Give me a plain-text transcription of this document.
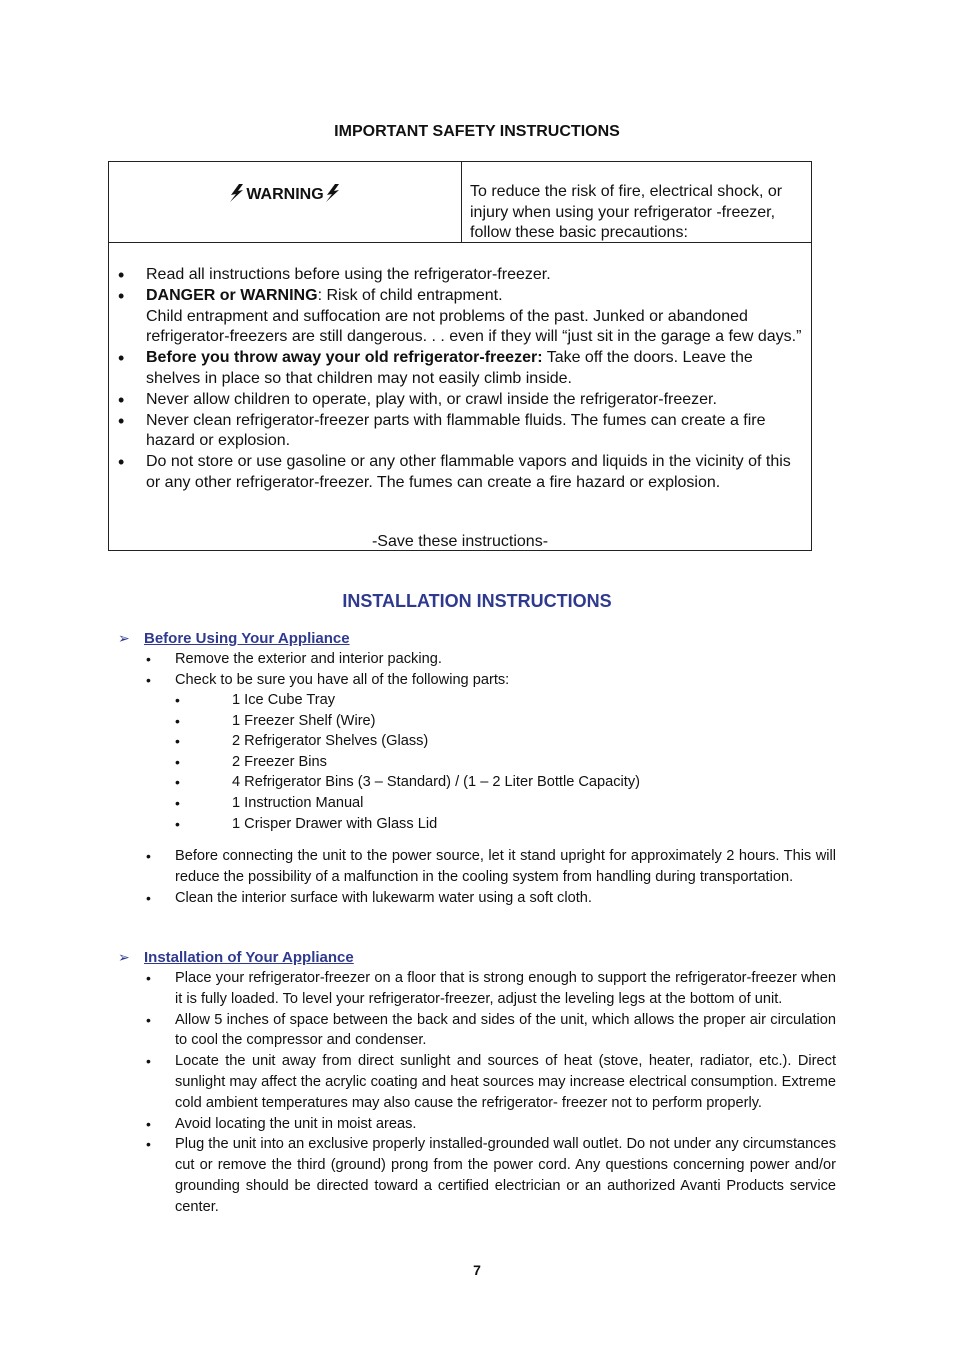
IMPORTANT SAFETY INSTRUCTIONS
WARNING	To reduce the risk of fire, electrical shock, or injury when using your refrigerator -freezer, follow these basic precautions:
• Read all instructions before using the refrigerator-freezer.
• DANGER or WARNING: Risk of child entrapment.
Child entrapment and suffocation are not problems of the past. Junked or abandoned refrigerator-freezers are still dangerous. . . even if they will “just sit in the garage a few days.”
• Before you throw away your old refrigerator-freezer: Take off the doors. Leave the shelves in place so that children may not easily climb inside.
• Never allow children to operate, play with, or crawl inside the refrigerator-freezer.
• Never clean refrigerator-freezer parts with flammable fluids. The fumes can create a fire hazard or explosion.
• Do not store or use gasoline or any other flammable vapors and liquids in the vicinity of this or any other refrigerator-freezer. The fumes can create a fire hazard or explosion.
-Save these instructions-
INSTALLATION INSTRUCTIONS
➢ Before Using Your Appliance
• Remove the exterior and interior packing.
• Check to be sure you have all of the following parts:
• 1 Ice Cube Tray
• 1 Freezer Shelf (Wire)
• 2 Refrigerator Shelves (Glass)
• 2 Freezer Bins
• 4 Refrigerator Bins (3 – Standard) / (1 – 2 Liter Bottle Capacity)
• 1 Instruction Manual
• 1 Crisper Drawer with Glass Lid
• Before connecting the unit to the power source, let it stand upright for approximately 2 hours. This will reduce the possibility of a malfunction in the cooling system from handling during transportation.
• Clean the interior surface with lukewarm water using a soft cloth.
➢ Installation of Your Appliance
• Place your refrigerator-freezer on a floor that is strong enough to support the refrigerator-freezer when it is fully loaded. To level your refrigerator-freezer, adjust the leveling legs at the bottom of unit.
• Allow 5 inches of space between the back and sides of the unit, which allows the proper air circulation to cool the compressor and condenser.
• Locate the unit away from direct sunlight and sources of heat (stove, heater, radiator, etc.). Direct sunlight may affect the acrylic coating and heat sources may increase electrical consumption. Extreme cold ambient temperatures may also cause the refrigerator- freezer not to perform properly.
• Avoid locating the unit in moist areas.
• Plug the unit into an exclusive properly installed-grounded wall outlet. Do not under any circumstances cut or remove the third (ground) prong from the power cord. Any questions concerning power and/or grounding should be directed toward a certified electrician or an authorized Avanti Products service center.
7
